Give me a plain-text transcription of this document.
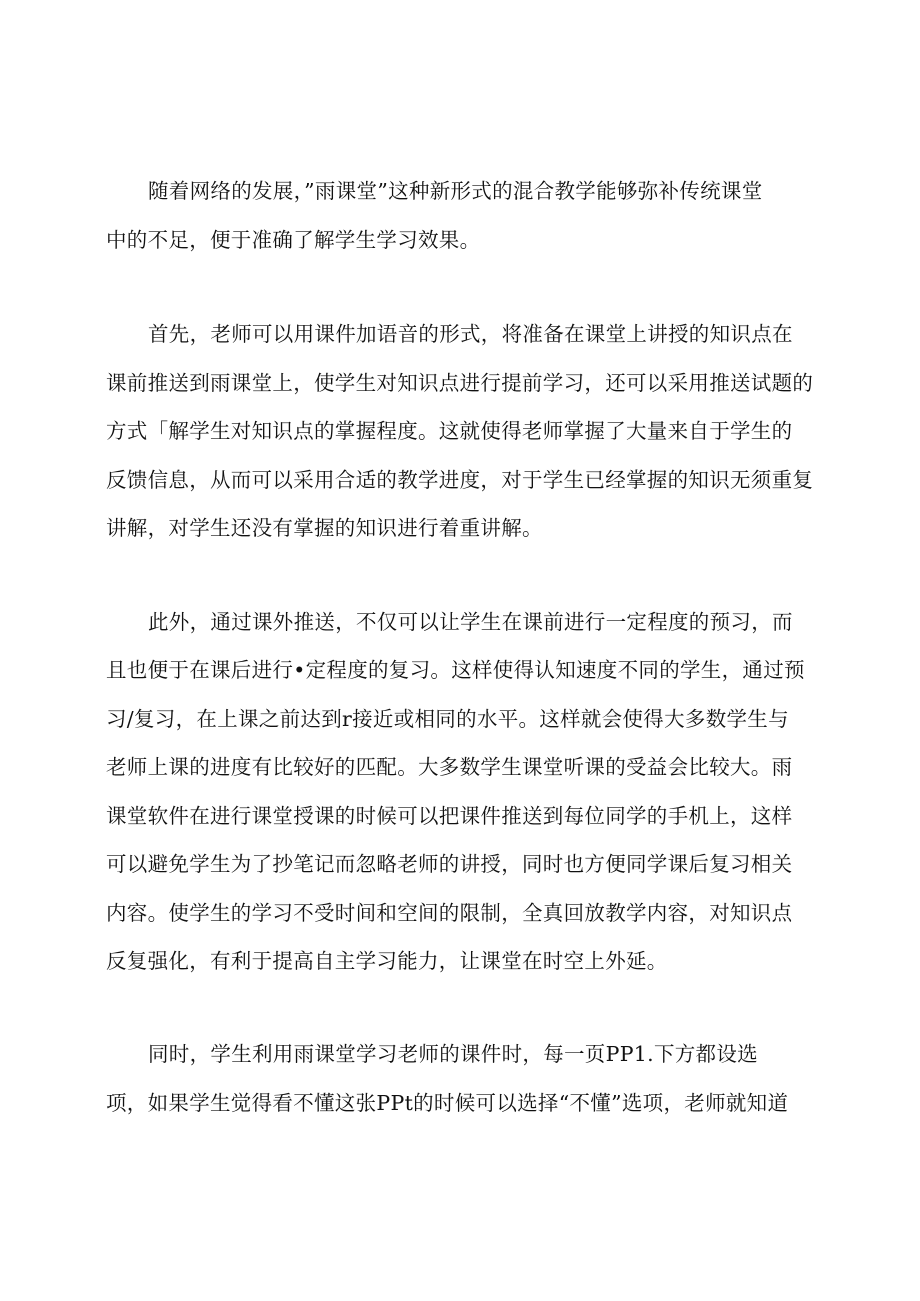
随着网络的发展，”雨课堂”这种新形式的混合教学能够弥补传统课堂
中的不足，便于准确了解学生学习效果。
首先，老师可以用课件加语音的形式，将准备在课堂上讲授的知识点在
课前推送到雨课堂上，使学生对知识点进行提前学习，还可以采用推送试题的
方式「解学生对知识点的掌握程度。这就使得老师掌握了大量来自于学生的
反馈信息，从而可以采用合适的教学进度，对于学生已经掌握的知识无须重复
讲解，对学生还没有掌握的知识进行着重讲解。
此外，通过课外推送，不仅可以让学生在课前进行一定程度的预习，而
且也便于在课后进行•定程度的复习。这样使得认知速度不同的学生，通过预
习/复习，在上课之前达到r接近或相同的水平。这样就会使得大多数学生与
老师上课的进度有比较好的匹配。大多数学生课堂听课的受益会比较大。雨
课堂软件在进行课堂授课的时候可以把课件推送到每位同学的手机上，这样
可以避免学生为了抄笔记而忽略老师的讲授，同时也方便同学课后复习相关
内容。使学生的学习不受时间和空间的限制，全真回放教学内容，对知识点
反复强化，有利于提高自主学习能力，让课堂在时空上外延。
同时，学生利用雨课堂学习老师的课件时，每一页PP1.下方都设选
项，如果学生觉得看不懂这张PPt的时候可以选择“不懂”选项，老师就知道
